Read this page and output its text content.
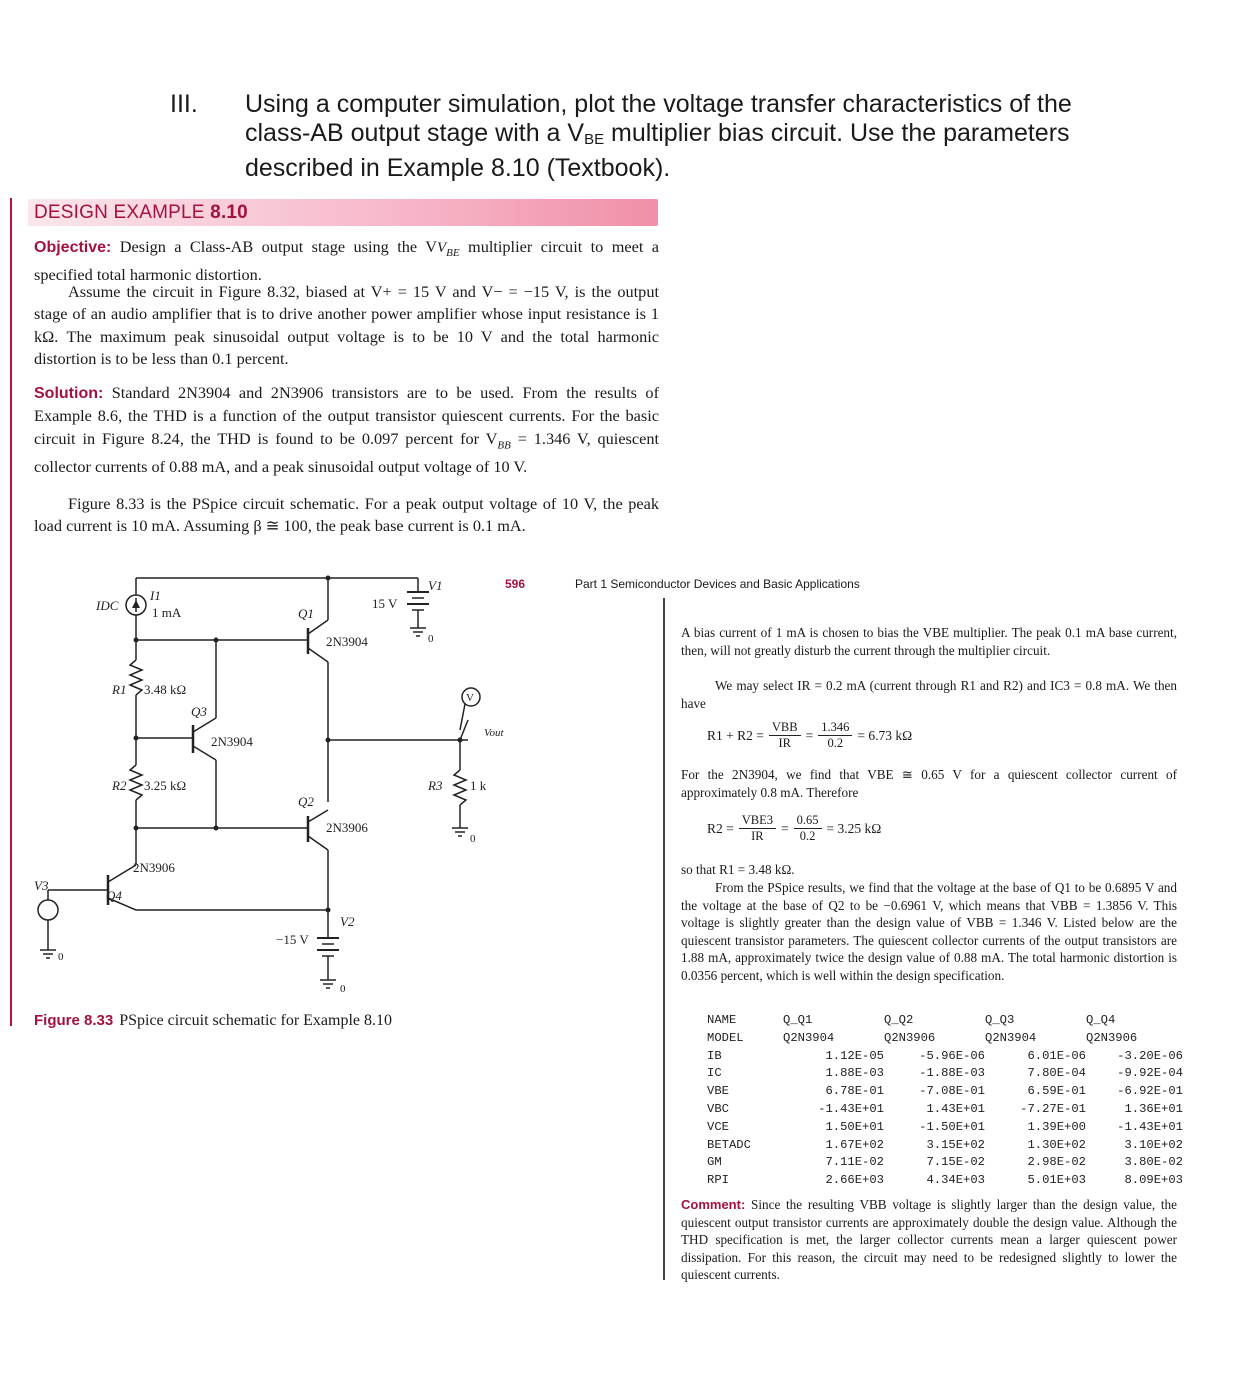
III. Using a computer simulation, plot the voltage transfer characteristics of the class-AB output stage with a $V_{BE}$ multiplier bias circuit. Use the parameters described in Example 8.10 (Textbook).
DESIGN EXAMPLE 8.10
Objective: Design a Class-AB output stage using the $VV_{BE}$ multiplier circuit to meet a specified total harmonic distortion.
Assume the circuit in Figure 8.32, biased at V+ = 15 V and V− = −15 V, is the output stage of an audio amplifier that is to drive another power amplifier whose input resistance is 1 kΩ. The maximum peak sinusoidal output voltage is to be 10 V and the total harmonic distortion is to be less than 0.1 percent.
Solution: Standard 2N3904 and 2N3906 transistors are to be used. From the results of Example 8.6, the THD is a function of the output transistor quiescent currents. For the basic circuit in Figure 8.24, the THD is found to be 0.097 percent for $V_{BB} = 1.346$ V, quiescent collector currents of 0.88 mA, and a peak sinusoidal output voltage of 10 V.
Figure 8.33 is the PSpice circuit schematic. For a peak output voltage of 10 V, the peak load current is 10 mA. Assuming β ≅ 100, the peak base current is 0.1 mA.
IDC
I1
1 mA
R1 3.48 kΩ
R2 3.25 kΩ	R3 1 k
Q1
2N3904
Q2
2N3906
Q3
2N3904
Q4
2N3906
V1
15 V
V2
−15 V
V3
Vout
V
0
0
0
0
Figure 8.33 PSpice circuit schematic for Example 8.10
596	Part 1 Semiconductor Devices and Basic Applications
A bias current of 1 mA is chosen to bias the VBE multiplier. The peak 0.1 mA base current, then, will not greatly disturb the current through the multiplier circuit.
We may select IR = 0.2 mA (current through R1 and R2) and IC3 = 0.8 mA. We then have
$R1 + R2 = \frac{\text{VBB}}{IR} = \frac{1.346}{0.2} = 6.73$ kΩ
For the 2N3904, we find that VBE ≅ 0.65 V for a quiescent collector current of approximately 0.8 mA. Therefore
$R2 = \frac{\text{VBE3}}{IR} = \frac{0.65}{0.2} = 3.25$ kΩ
so that R1 = 3.48 kΩ.
From the PSpice results, we find that the voltage at the base of Q1 to be 0.6895 V and the voltage at the base of Q2 to be −0.6961 V, which means that VBB = 1.3856 V. This voltage is slightly greater than the design value of VBB = 1.346 V. Listed below are the quiescent transistor parameters. The quiescent collector currents of the output transistors are 1.88 mA, approximately twice the design value of 0.88 mA. The total harmonic distortion is 0.0356 percent, which is well within the design specification.
NAME	Q_Q1	Q_Q2	Q_Q3	Q_Q4
MODEL	Q2N3904	Q2N3906	Q2N3904	Q2N3906
IB	1.12E-05	-5.96E-06	6.01E-06	-3.20E-06
IC	1.88E-03	-1.88E-03	7.80E-04	-9.92E-04
VBE	6.78E-01	-7.08E-01	6.59E-01	-6.92E-01
VBC	-1.43E+01	1.43E+01	-7.27E-01	1.36E+01
VCE	1.50E+01	-1.50E+01	1.39E+00	-1.43E+01
BETADC	1.67E+02	3.15E+02	1.30E+02	3.10E+02
GM	7.11E-02	7.15E-02	2.98E-02	3.80E-02
RPI	2.66E+03	4.34E+03	5.01E+03	8.09E+03
Comment: Since the resulting VBB voltage is slightly larger than the design value, the quiescent output transistor currents are approximately double the design value. Although the THD specification is met, the larger collector currents mean a larger quiescent power dissipation. For this reason, the circuit may need to be redesigned slightly to lower the quiescent currents.
